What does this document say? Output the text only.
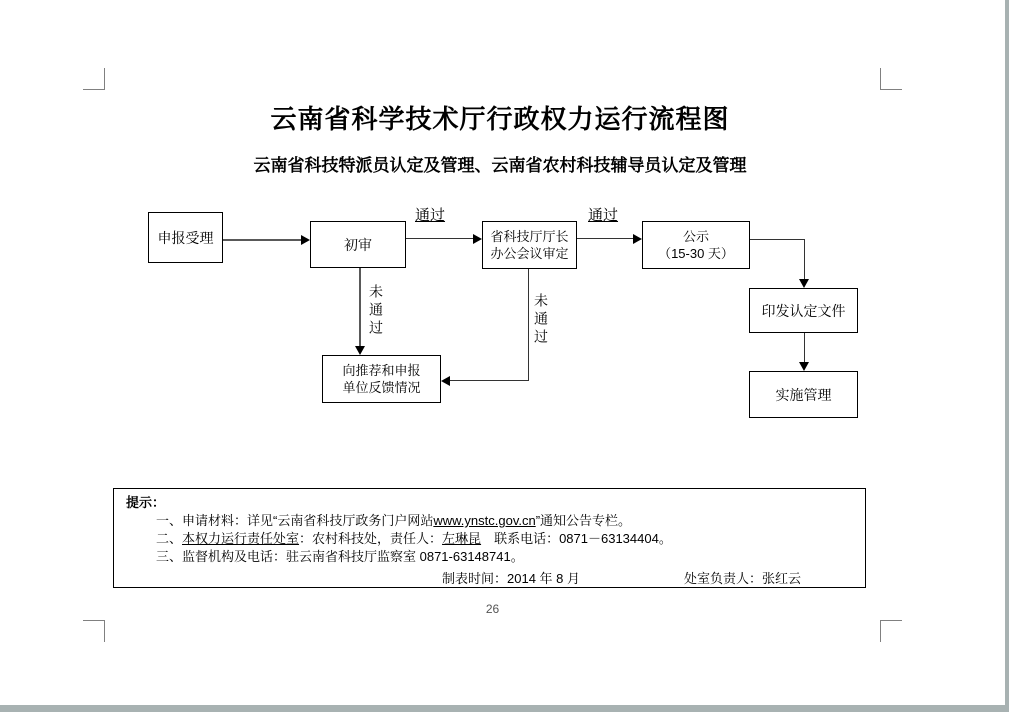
云南省科学技术厅行政权力运行流程图
云南省科技特派员认定及管理、云南省农村科技辅导员认定及管理
申报受理	初审	省科技厅厅长
办公会议审定
公示
（15-30 天）
印发认定文件
实施管理
向推荐和申报
单位反馈情况
通过	通过
未通过	未通过
提示：
一、申请材料：详见“云南省科技厅政务门户网站www.ynstc.gov.cn”通知公告专栏。
二、本权力运行责任处室：农村科技处，责任人：左琳昆　联系电话：0871－63134404。
三、监督机构及电话：驻云南省科技厅监察室 0871-63148741。
制表时间：2014 年 8 月	处室负责人：张红云
26
